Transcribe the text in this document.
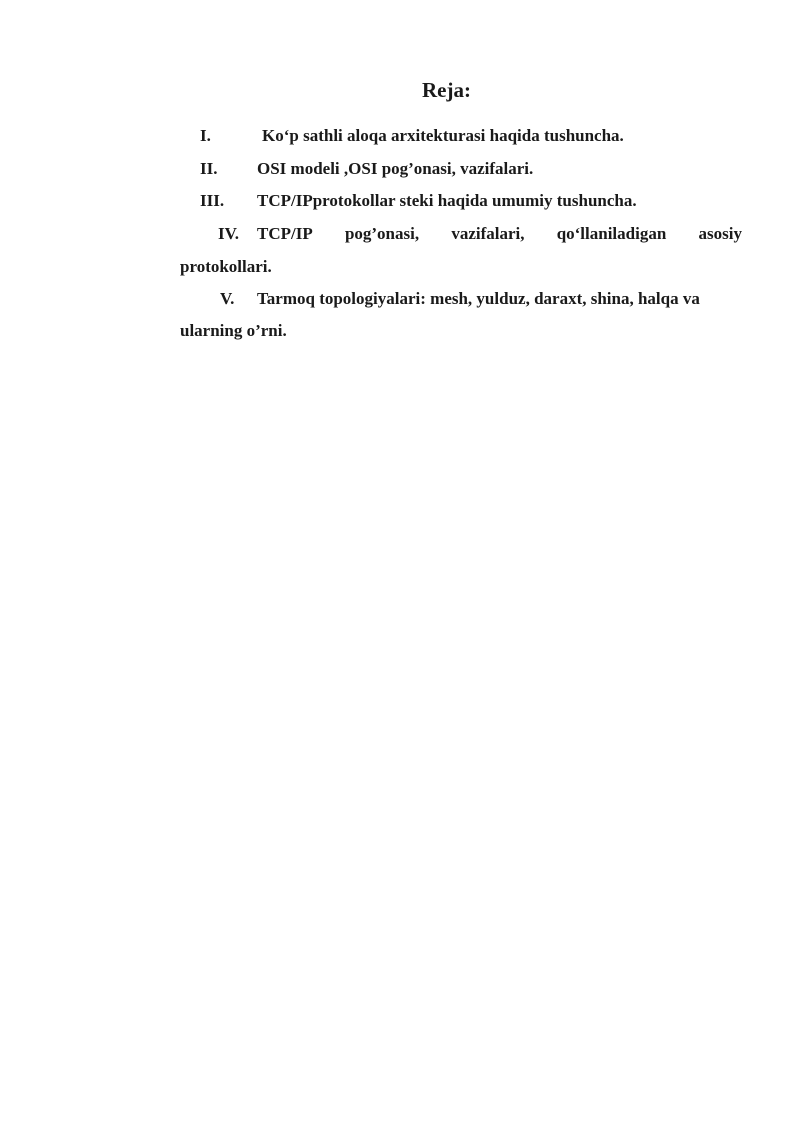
Reja:
I.	Ko‘p sathli aloqa arxitekturasi haqida tushuncha.
II. OSI modeli ,OSI pog’onasi, vazifalari.
III. TCP/IPprotokollar steki haqida umumiy tushuncha.
IV. TCP/IP pog’onasi, vazifalari, qo‘llaniladigan asosiy
protokollari.
V. Tarmoq topologiyalari: mesh, yulduz, daraxt, shina, halqa va
ularning o’rni.
